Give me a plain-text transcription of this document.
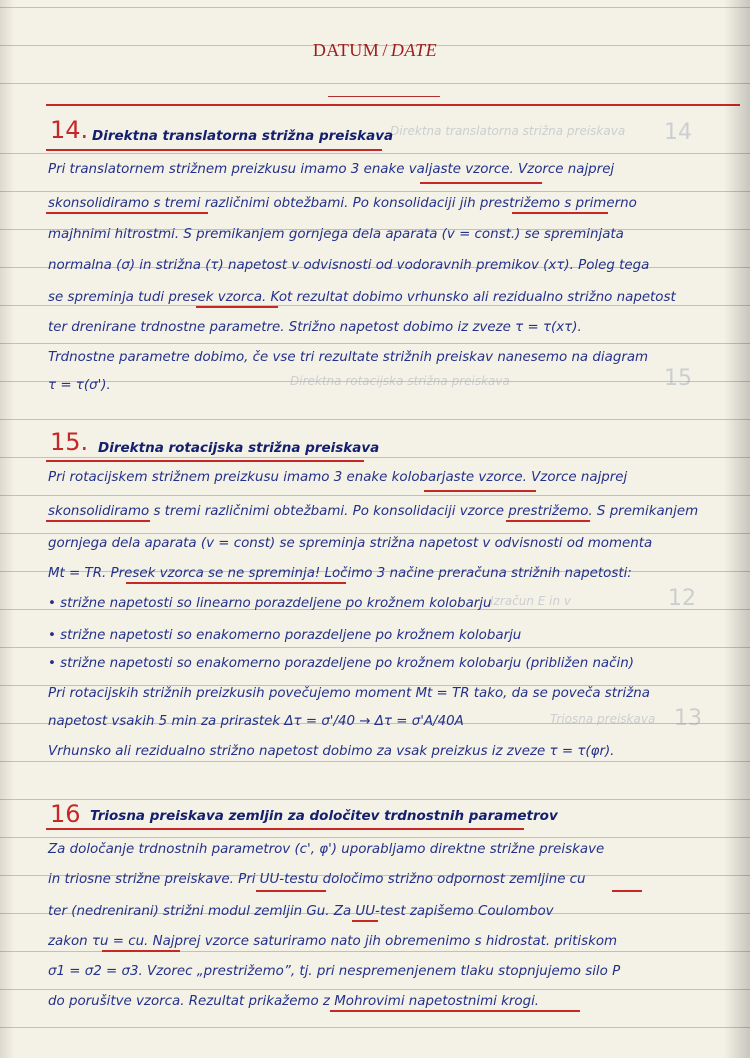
DATUM / DATE
Direktna translatorna strižna preiskava
Direktna rotacijska strižna preiskava
Izračun E in v
Triosna preiskava
14
15
12
13
14. Direktna translatorna strižna preiskava
Pri translatornem strižnem preizkusu imamo 3 enake valjaste vzorce. Vzorce najprej
skonsolidiramo s tremi različnimi obtežbami. Po konsolidaciji jih prestrižemo s primerno
majhnimi hitrostmi. S premikanjem gornjega dela aparata (v = const.) se spreminjata
normalna (σ) in strižna (τ) napetost v odvisnosti od vodoravnih premikov (xτ). Poleg tega
se spreminja tudi presek vzorca. Kot rezultat dobimo vrhunsko ali rezidualno strižno napetost
ter drenirane trdnostne parametre. Strižno napetost dobimo iz zveze τ = τ(xτ).
Trdnostne parametre dobimo, če vse tri rezultate strižnih preiskav nanesemo na diagram
τ = τ(σ').
15. Direktna rotacijska strižna preiskava
Pri rotacijskem strižnem preizkusu imamo 3 enake kolobarjaste vzorce. Vzorce najprej
skonsolidiramo s tremi različnimi obtežbami. Po konsolidaciji vzorce prestrižemo. S premikanjem
gornjega dela aparata (v = const) se spreminja strižna napetost v odvisnosti od momenta
Mt = TR. Presek vzorca se ne spreminja! Ločimo 3 načine preračuna strižnih napetosti:
• strižne napetosti so linearno porazdeljene po krožnem kolobarju
• strižne napetosti so enakomerno porazdeljene po krožnem kolobarju
• strižne napetosti so enakomerno porazdeljene po krožnem kolobarju (približen način)
Pri rotacijskih strižnih preizkusih povečujemo moment Mt = TR tako, da se poveča strižna
napetost vsakih 5 min za prirastek Δτ = σ'/40 → Δτ = σ'A/40A
Vrhunsko ali rezidualno strižno napetost dobimo za vsak preizkus iz zveze τ = τ(φr).
16 Triosna preiskava zemljin za določitev trdnostnih parametrov
Za določanje trdnostnih parametrov (c', φ') uporabljamo direktne strižne preiskave
in triosne strižne preiskave. Pri UU-testu določimo strižno odpornost zemljine cu
ter (nedrenirani) strižni modul zemljin Gu. Za UU-test zapišemo Coulombov
zakon τu = cu. Najprej vzorce saturiramo nato jih obremenimo s hidrostat. pritiskom
σ1 = σ2 = σ3. Vzorec „prestrižemo”, tj. pri nespremenjenem tlaku stopnjujemo silo P
do porušitve vzorca. Rezultat prikažemo z Mohrovimi napetostnimi krogi.
